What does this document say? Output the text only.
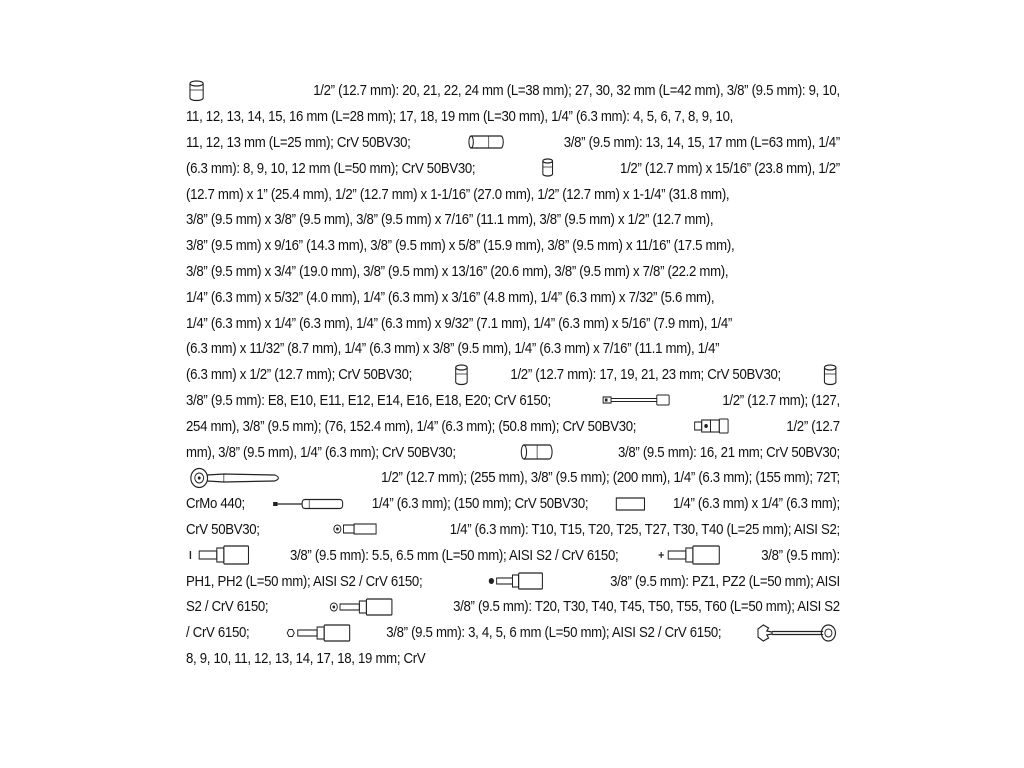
1/2” (12.7 mm): 20, 21, 22, 24 mm (L=38 mm); 27, 30, 32 mm (L=42 mm), 3/8” (9.5 mm): 9, 10,
11, 12, 13, 14, 15, 16 mm (L=28 mm); 17, 18, 19 mm (L=30 mm), 1/4” (6.3 mm): 4, 5, 6, 7, 8, 9, 10,
11, 12, 13 mm (L=25 mm); CrV 50BV30;	3/8” (9.5 mm): 13, 14, 15, 17 mm (L=63 mm), 1/4”
(6.3 mm): 8, 9, 10, 12 mm (L=50 mm); CrV 50BV30;	1/2” (12.7 mm) x 15/16” (23.8 mm), 1/2”
(12.7 mm) x 1” (25.4 mm), 1/2” (12.7 mm) x 1-1/16” (27.0 mm), 1/2” (12.7 mm) x 1-1/4” (31.8 mm),
3/8” (9.5 mm) x 3/8” (9.5 mm), 3/8” (9.5 mm) x 7/16” (11.1 mm), 3/8” (9.5 mm) x 1/2” (12.7 mm),
3/8” (9.5 mm) x 9/16” (14.3 mm), 3/8” (9.5 mm) x 5/8” (15.9 mm), 3/8” (9.5 mm) x 11/16” (17.5 mm),
3/8” (9.5 mm) x 3/4” (19.0 mm), 3/8” (9.5 mm) x 13/16” (20.6 mm), 3/8” (9.5 mm) x 7/8” (22.2 mm),
1/4” (6.3 mm) x 5/32” (4.0 mm), 1/4” (6.3 mm) x 3/16” (4.8 mm), 1/4” (6.3 mm) x 7/32” (5.6 mm),
1/4” (6.3 mm) x 1/4” (6.3 mm), 1/4” (6.3 mm) x 9/32” (7.1 mm), 1/4” (6.3 mm) x 5/16” (7.9 mm), 1/4”
(6.3 mm) x 11/32” (8.7 mm), 1/4” (6.3 mm) x 3/8” (9.5 mm), 1/4” (6.3 mm) x 7/16” (11.1 mm), 1/4”
(6.3 mm) x 1/2” (12.7 mm); CrV 50BV30;	1/2” (12.7 mm): 17, 19, 21, 23 mm; CrV 50BV30;
3/8” (9.5 mm): E8, E10, E11, E12, E14, E16, E18, E20; CrV 6150;	1/2” (12.7 mm); (127,
254 mm), 3/8” (9.5 mm); (76, 152.4 mm), 1/4” (6.3 mm); (50.8 mm); CrV 50BV30;	1/2” (12.7
mm), 3/8” (9.5 mm), 1/4” (6.3 mm); CrV 50BV30;	3/8” (9.5 mm): 16, 21 mm; CrV 50BV30;
1/2” (12.7 mm); (255 mm), 3/8” (9.5 mm); (200 mm), 1/4” (6.3 mm); (155 mm); 72T;
CrMo 440;	1/4” (6.3 mm); (150 mm); CrV 50BV30;	1/4” (6.3 mm) x 1/4” (6.3 mm);
CrV 50BV30;	1/4” (6.3 mm): T10, T15, T20, T25, T27, T30, T40 (L=25 mm); AISI S2;
3/8” (9.5 mm): 5.5, 6.5 mm (L=50 mm); AISI S2 / CrV 6150;	3/8” (9.5 mm):
PH1, PH2 (L=50 mm); AISI S2 / CrV 6150;	3/8” (9.5 mm): PZ1, PZ2 (L=50 mm); AISI
S2 / CrV 6150;	3/8” (9.5 mm): T20, T30, T40, T45, T50, T55, T60 (L=50 mm); AISI S2
/ CrV 6150;	3/8” (9.5 mm): 3, 4, 5, 6 mm (L=50 mm); AISI S2 / CrV 6150;
8, 9, 10, 11, 12, 13, 14, 17, 18, 19 mm; CrV
